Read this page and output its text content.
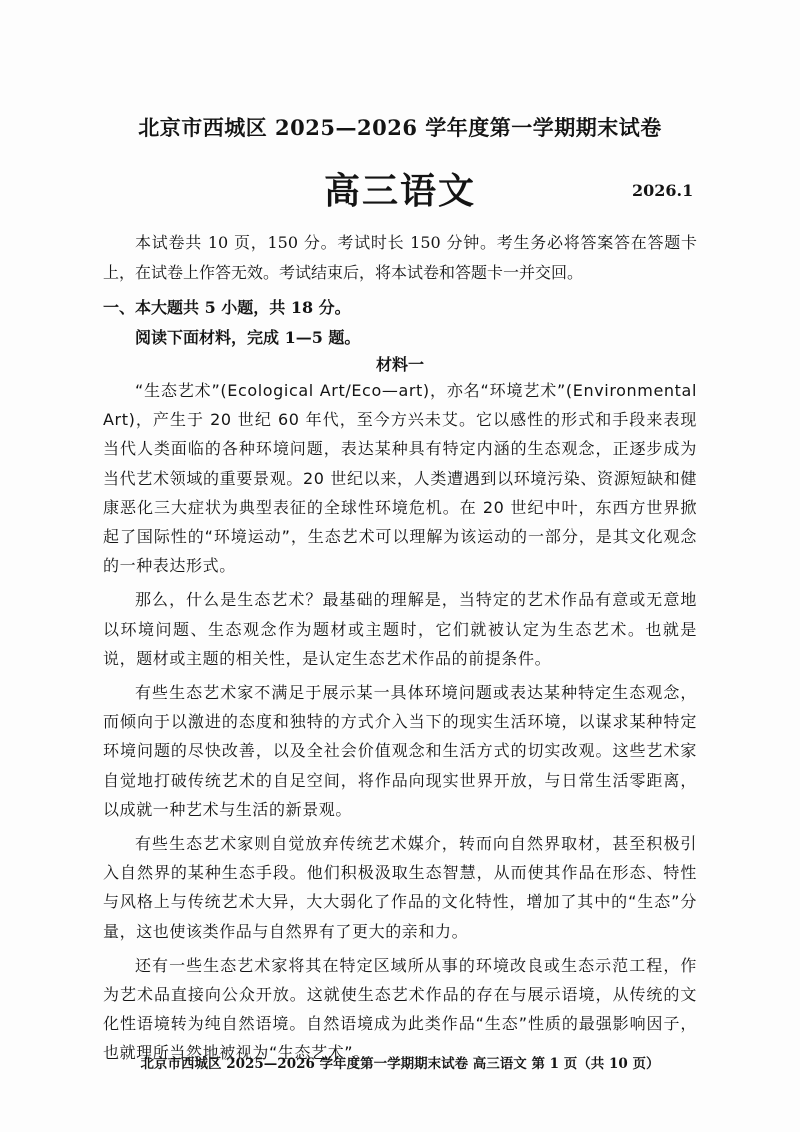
北京市西城区 2025—2026 学年度第一学期期末试卷
高三语文	2026.1

本试卷共 10 页，150 分。考试时长 150 分钟。考生务必将答案答在答题卡上，在试卷上作答无效。考试结束后，将本试卷和答题卡一并交回。

一、本大题共 5 小题，共 18 分。

阅读下面材料，完成 1—5 题。

材料一

“生态艺术”(Ecological Art/Eco—art)，亦名“环境艺术”(Environmental Art)，产生于 20 世纪 60 年代，至今方兴未艾。它以感性的形式和手段来表现当代人类面临的各种环境问题，表达某种具有特定内涵的生态观念，正逐步成为当代艺术领域的重要景观。20 世纪以来，人类遭遇到以环境污染、资源短缺和健康恶化三大症状为典型表征的全球性环境危机。在 20 世纪中叶，东西方世界掀起了国际性的“环境运动”，生态艺术可以理解为该运动的一部分，是其文化观念的一种表达形式。

那么，什么是生态艺术？最基础的理解是，当特定的艺术作品有意或无意地以环境问题、生态观念作为题材或主题时，它们就被认定为生态艺术。也就是说，题材或主题的相关性，是认定生态艺术作品的前提条件。

有些生态艺术家不满足于展示某一具体环境问题或表达某种特定生态观念，而倾向于以激进的态度和独特的方式介入当下的现实生活环境，以谋求某种特定环境问题的尽快改善，以及全社会价值观念和生活方式的切实改观。这些艺术家自觉地打破传统艺术的自足空间，将作品向现实世界开放，与日常生活零距离，以成就一种艺术与生活的新景观。

有些生态艺术家则自觉放弃传统艺术媒介，转而向自然界取材，甚至积极引入自然界的某种生态手段。他们积极汲取生态智慧，从而使其作品在形态、特性与风格上与传统艺术大异，大大弱化了作品的文化特性，增加了其中的“生态”分量，这也使该类作品与自然界有了更大的亲和力。

还有一些生态艺术家将其在特定区域所从事的环境改良或生态示范工程，作为艺术品直接向公众开放。这就使生态艺术作品的存在与展示语境，从传统的文化性语境转为纯自然语境。自然语境成为此类作品“生态”性质的最强影响因子，也就理所当然地被视为“生态艺术”。

北京市西城区 2025—2026 学年度第一学期期末试卷 高三语文 第 1 页（共 10 页）
